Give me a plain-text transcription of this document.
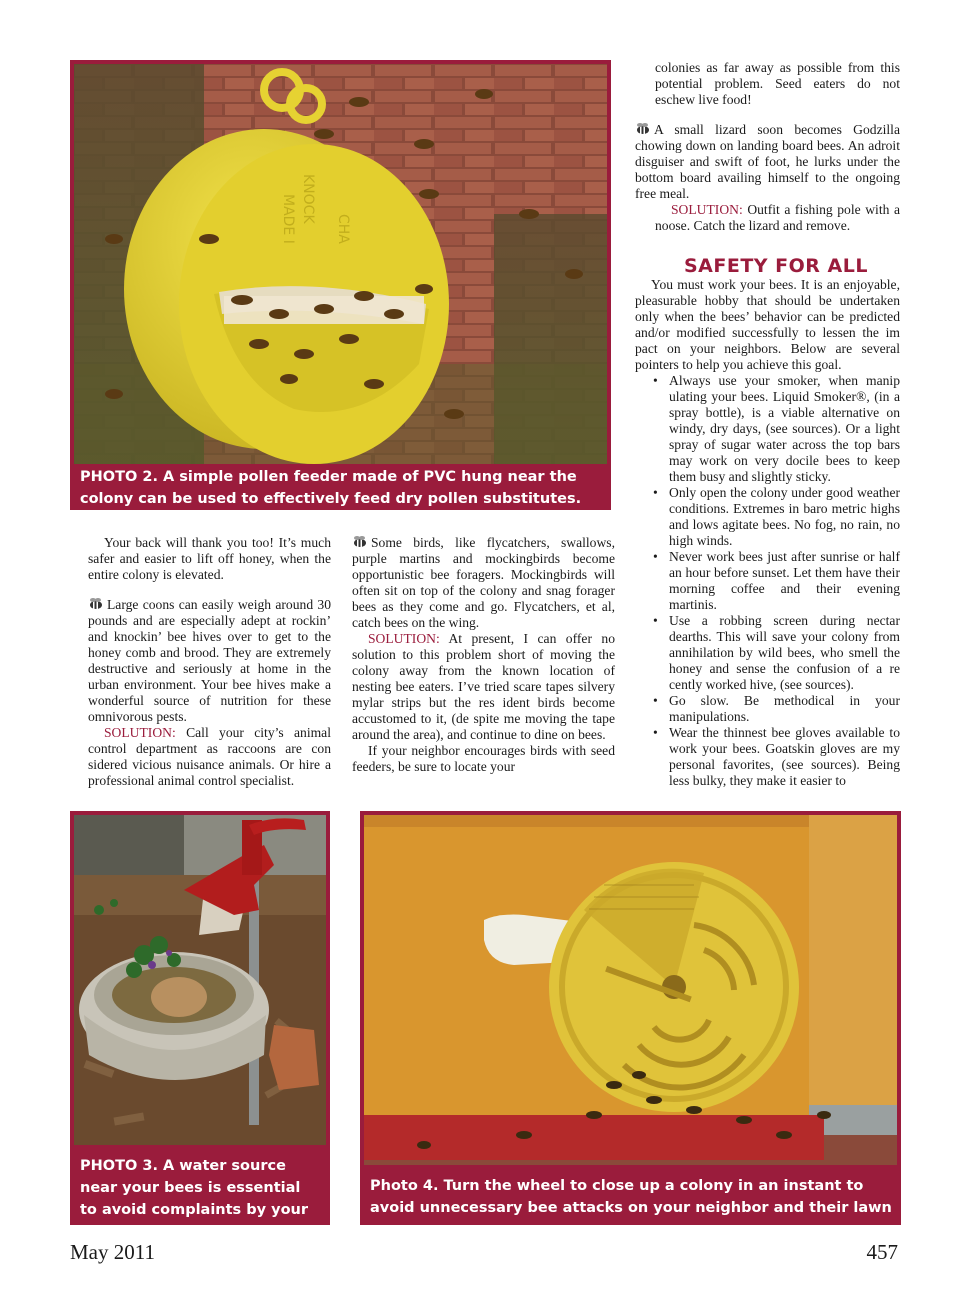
CHA
KNOCK
MADE I
PHOTO 2. A simple pollen feeder made of PVC hung near the colony can be used to effectively feed dry pollen substitutes.

Your back will thank you too! It’s much safer and easier to lift off honey, when the entire colony is elevated.

Large coons can easily weigh around 30 pounds and are especially adept at rockin’ and knockin’ bee hives over to get to the honey comb and brood. They are extremely destructive and seriously at home in the urban environment. Your bee hives make a wonderful source of nutrition for these omnivorous pests.

SOLUTION: Call your city’s animal control department as raccoons are con sidered vicious nuisance animals. Or hire a professional animal control specialist.

Some birds, like flycatchers, swallows, purple martins and mockingbirds become opportunistic bee foragers. Mockingbirds will often sit on top of the colony and snag forager bees as they come and go. Flycatchers, et al, catch bees on the wing.

SOLUTION: At present, I can offer no solution to this problem short of moving the colony away from the known location of nesting bee eaters. I’ve tried scare tapes silvery mylar strips but the res ident birds become accustomed to it, (de spite me moving the tape around the area), and continue to dine on bees.

If your neighbor encourages birds with seed feeders, be sure to locate your

colonies as far away as possible from this potential problem. Seed eaters do not eschew live food!

A small lizard soon becomes Godzilla chowing down on landing board bees. An adroit disguiser and swift of foot, he lurks under the bottom board availing himself to the ongoing free meal.

SOLUTION: Outfit a fishing pole with a noose. Catch the lizard and remove.

SAFETY FOR ALL

You must work your bees. It is an enjoyable, pleasurable hobby that should be undertaken only when the bees’ behavior can be predicted and/or modified successfully to lessen the im pact on your neighbors. Below are several pointers to help you achieve this goal.

• Always use your smoker, when manip ulating your bees. Liquid Smoker®, (in a spray bottle), is a viable alternative on windy, dry days, (see sources). Or a light spray of sugar water across the top bars may work on very docile bees to keep them busy and slightly sticky.
• Only open the colony under good weather conditions. Extremes in baro metric highs and lows agitate bees. No fog, no rain, no high winds.
• Never work bees just after sunrise or half an hour before sunset. Let them have their morning coffee and their evening martinis.
• Use a robbing screen during nectar dearths. This will save your colony from annihilation by wild bees, who smell the honey and sense the confusion of a re cently worked hive, (see sources).
• Go slow. Be methodical in your manipulations.
• Wear the thinnest bee gloves available to work your bees. Goatskin gloves are my personal favorites, (see sources). Being less bulky, they make it easier to
PHOTO 3. A water source near your bees is essential to avoid complaints by your neighbors.
Photo 4. Turn the wheel to close up a colony in an instant to avoid unnecessary bee attacks on your neighbor and their lawn mower.
May 2011	457
